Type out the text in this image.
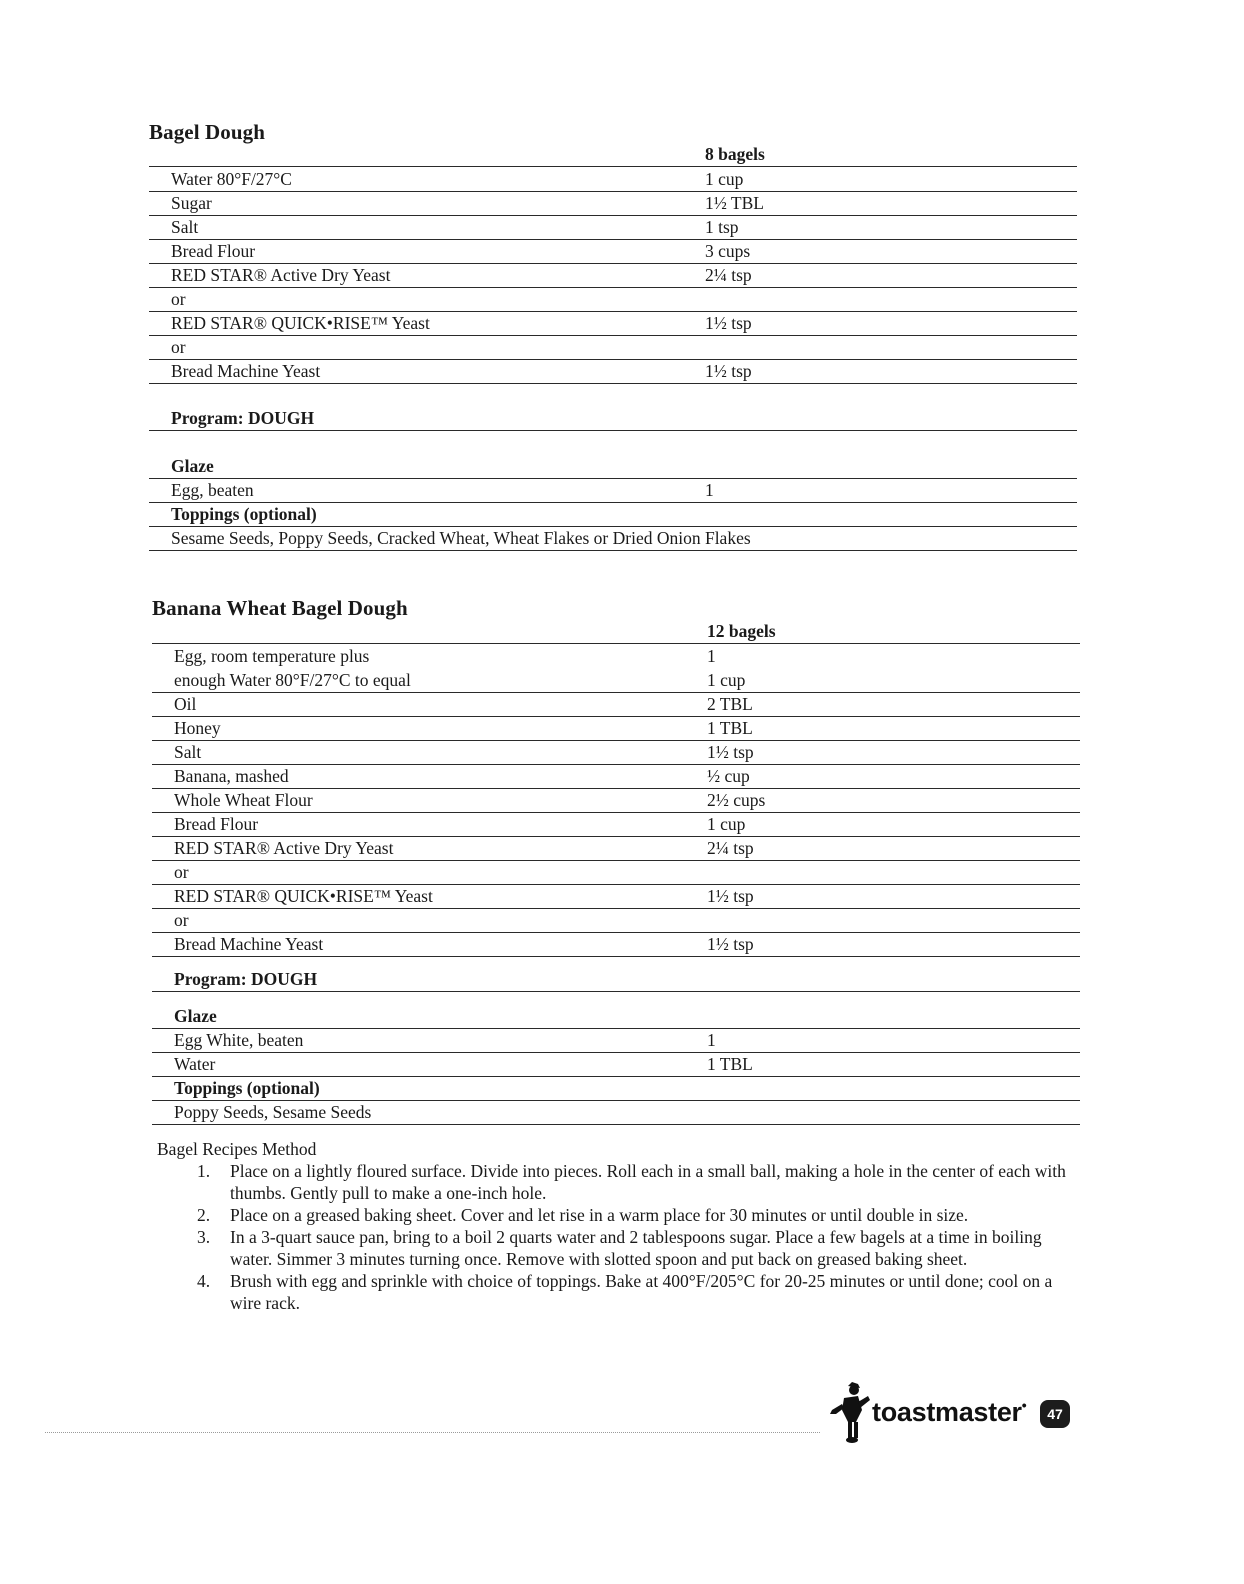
Bagel Dough
8 bagels
Water 80°F/27°C	1 cup
Sugar	1½ TBL
Salt	1 tsp
Bread Flour	3 cups
RED STAR® Active Dry Yeast	2¼ tsp
or
RED STAR® QUICK•RISE™ Yeast	1½ tsp
or
Bread Machine Yeast	1½ tsp
Program: DOUGH
Glaze
Egg, beaten	1
Toppings (optional)
Sesame Seeds, Poppy Seeds, Cracked Wheat, Wheat Flakes or Dried Onion Flakes
Banana Wheat Bagel Dough
12 bagels
Egg, room temperature plus	1
enough Water 80°F/27°C to equal	1 cup
Oil	2 TBL
Honey	1 TBL
Salt	1½ tsp
Banana, mashed	½ cup
Whole Wheat Flour	2½ cups
Bread Flour	1 cup
RED STAR® Active Dry Yeast	2¼ tsp
or
RED STAR® QUICK•RISE™ Yeast	1½ tsp
or
Bread Machine Yeast	1½ tsp
Program: DOUGH
Glaze
Egg White, beaten	1
Water	1 TBL
Toppings (optional)
Poppy Seeds, Sesame Seeds

Bagel Recipes Method

1. Place on a lightly floured surface. Divide into pieces. Roll each in a small ball, making a hole in the center of each with thumbs. Gently pull to make a one-inch hole.

2. Place on a greased baking sheet. Cover and let rise in a warm place for 30 minutes or until double in size.

3. In a 3-quart sauce pan, bring to a boil 2 quarts water and 2 tablespoons sugar. Place a few bagels at a time in boiling water. Simmer 3 minutes turning once. Remove with slotted spoon and put back on greased baking sheet.

4. Brush with egg and sprinkle with choice of toppings. Bake at 400°F/205°C for 20-25 minutes or until done; cool on a wire rack.

toastmaster•
47
